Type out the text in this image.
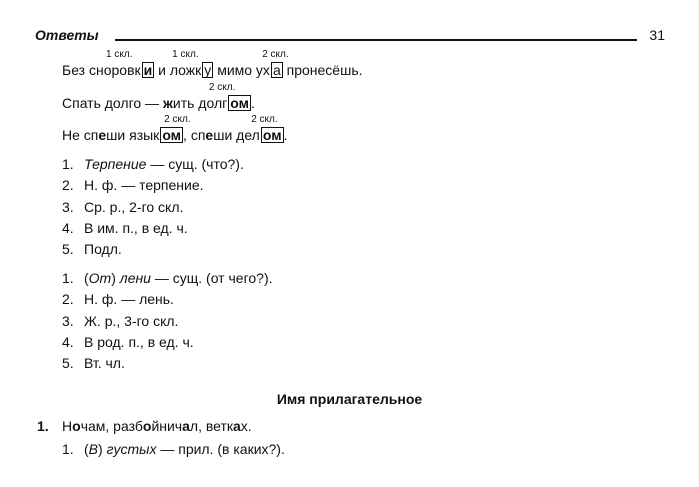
Ответы	31
Без сноровк и
1 скл.
и ложк у
1 скл.
мимо ух а
2 скл.
пронесёшь.
Спать долго — жить долг ом
2 скл.
.
Не спеши язык ом
2 скл.
, спеши дел ом
2 скл.
.
1. Терпение — сущ. (что?).
2. Н. ф. — терпение.
3. Ср. р., 2-го скл.
4. В им. п., в ед. ч.
5. Подл.
1. (От) лени — сущ. (от чего?).
2. Н. ф. — лень.
3. Ж. р., 3-го скл.
4. В род. п., в ед. ч.
5. Вт. чл.
Имя прилагательное
1. Ночам, разбойничал, ветках.
1. (В) густых — прил. (в каких?).
